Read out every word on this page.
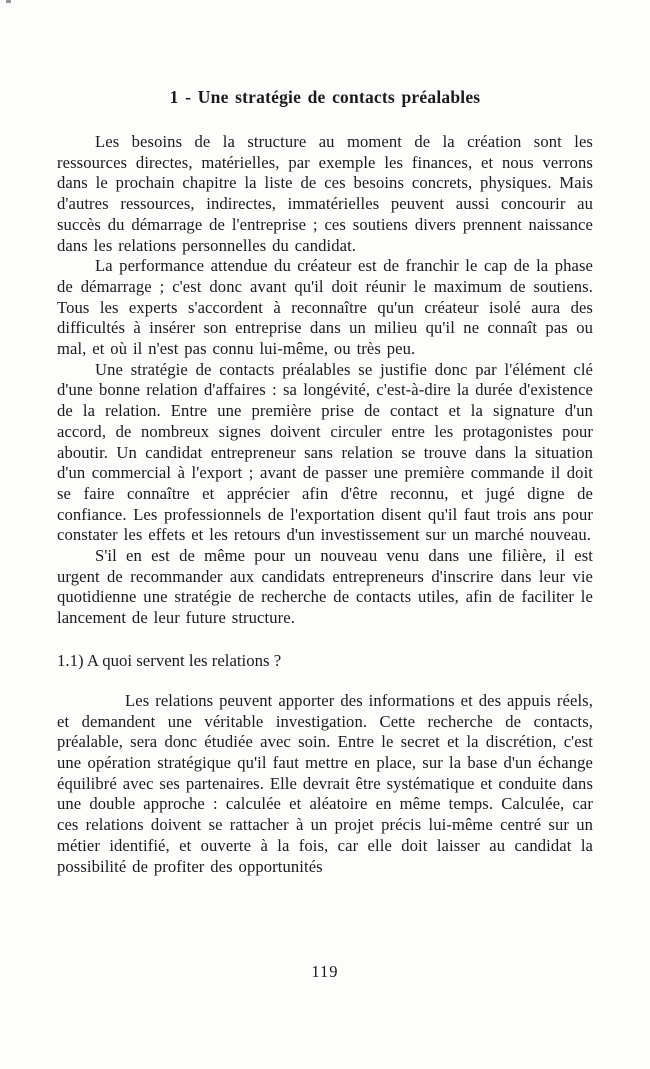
1 - Une stratégie de contacts préalables

Les besoins de la structure au moment de la création sont les ressources directes, matérielles, par exemple les finances, et nous verrons dans le prochain chapitre la liste de ces besoins concrets, physiques. Mais d'autres ressources, indirectes, immatérielles peuvent aussi concourir au succès du démarrage de l'entreprise ; ces soutiens divers prennent naissance dans les relations personnelles du candidat.

La performance attendue du créateur est de franchir le cap de la phase de démarrage ; c'est donc avant qu'il doit réunir le maximum de soutiens. Tous les experts s'accordent à reconnaître qu'un créateur isolé aura des difficultés à insérer son entreprise dans un milieu qu'il ne connaît pas ou mal, et où il n'est pas connu lui-même, ou très peu.

Une stratégie de contacts préalables se justifie donc par l'élément clé d'une bonne relation d'affaires : sa longévité, c'est-à-dire la durée d'existence de la relation. Entre une première prise de contact et la signature d'un accord, de nombreux signes doivent circuler entre les protagonistes pour aboutir. Un candidat entrepreneur sans relation se trouve dans la situation d'un commercial à l'export ; avant de passer une première commande il doit se faire connaître et apprécier afin d'être reconnu, et jugé digne de confiance. Les professionnels de l'exportation disent qu'il faut trois ans pour constater les effets et les retours d'un investissement sur un marché nouveau.

S'il en est de même pour un nouveau venu dans une filière, il est urgent de recommander aux candidats entrepreneurs d'inscrire dans leur vie quotidienne une stratégie de recherche de contacts utiles, afin de faciliter le lancement de leur future structure.

1.1) A quoi servent les relations ?

Les relations peuvent apporter des informations et des appuis réels, et demandent une véritable investigation. Cette recherche de contacts, préalable, sera donc étudiée avec soin. Entre le secret et la discrétion, c'est une opération stratégique qu'il faut mettre en place, sur la base d'un échange équilibré avec ses partenaires. Elle devrait être systématique et conduite dans une double approche : calculée et aléatoire en même temps. Calculée, car ces relations doivent se rattacher à un projet précis lui-même centré sur un métier identifié, et ouverte à la fois, car elle doit laisser au candidat la possibilité de profiter des opportunités

119
